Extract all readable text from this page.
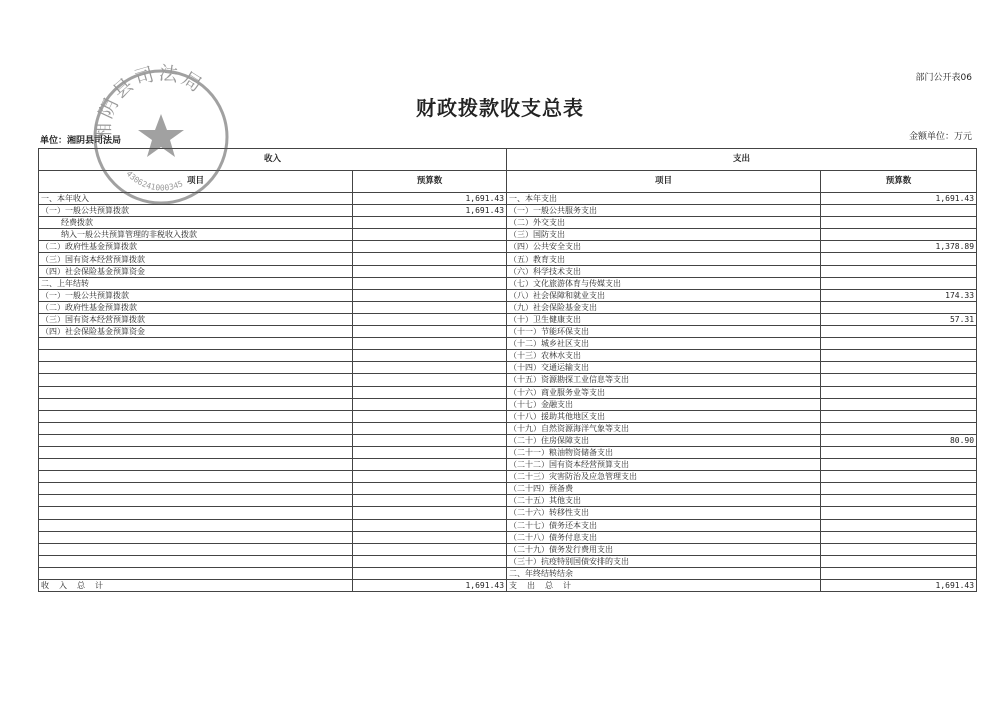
部门公开表06
财政拨款收支总表
单位：湘阴县司法局	金额单位：万元
收入		支出	
项目	预算数	项目	预算数
一、本年收入	1,691.43	一、本年支出	1,691.43
（一）一般公共预算拨款	1,691.43	（一）一般公共服务支出	
经费拨款		（二）外交支出	
纳入一般公共预算管理的非税收入拨款		（三）国防支出	
（二）政府性基金预算拨款		（四）公共安全支出	1,378.89
（三）国有资本经营预算拨款		（五）教育支出	
（四）社会保险基金预算资金		（六）科学技术支出	
二、上年结转		（七）文化旅游体育与传媒支出	
（一）一般公共预算拨款		（八）社会保障和就业支出	174.33
（二）政府性基金预算拨款		（九）社会保险基金支出	
（三）国有资本经营预算拨款		（十）卫生健康支出	57.31
（四）社会保险基金预算资金		（十一）节能环保支出	
		（十二）城乡社区支出	
		（十三）农林水支出	
		（十四）交通运输支出	
		（十五）资源勘探工业信息等支出	
		（十六）商业服务业等支出	
		（十七）金融支出	
		（十八）援助其他地区支出	
		（十九）自然资源海洋气象等支出	
		（二十）住房保障支出	80.90
		（二十一）粮油物资储备支出	
		（二十二）国有资本经营预算支出	
		（二十三）灾害防治及应急管理支出	
		（二十四）预备费	
		（二十五）其他支出	
		（二十六）转移性支出	
		（二十七）债务还本支出	
		（二十八）债务付息支出	
		（二十九）债务发行费用支出	
		（三十）抗疫特别国债安排的支出	
		二、年终结转结余	
收入总计	1,691.43	支出总计	1,691.43
湘阴县司法局
4306241000345
